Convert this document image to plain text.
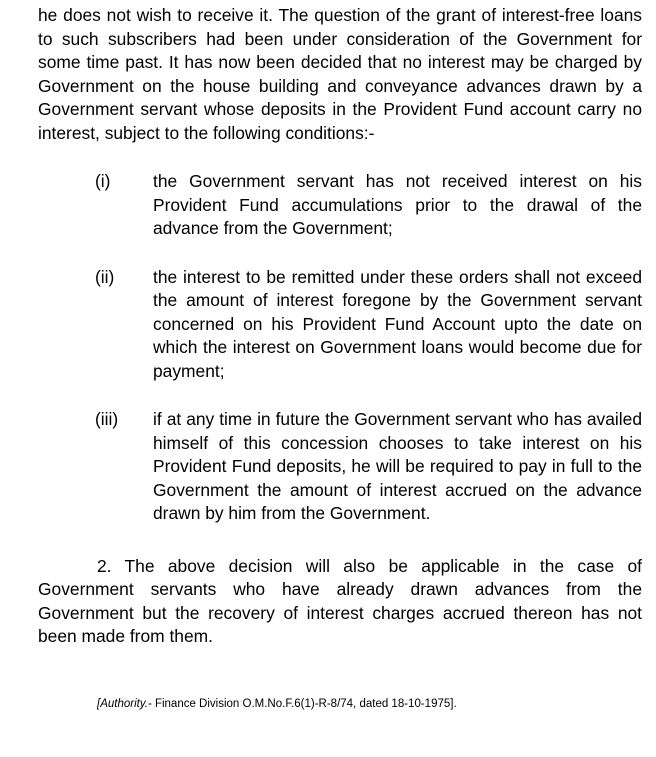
he does not wish to receive it. The question of the grant of interest-free loans to such subscribers had been under consideration of the Government for some time past. It has now been decided that no interest may be charged by Government on the house building and conveyance advances drawn by a Government servant whose deposits in the Provident Fund account carry no interest, subject to the following conditions:-

(i)	the Government servant has not received interest on his Provident Fund accumulations prior to the drawal of the advance from the Government;
(ii)	the interest to be remitted under these orders shall not exceed the amount of interest foregone by the Government servant concerned on his Provident Fund Account upto the date on which the interest on Government loans would become due for payment;
(iii)	if at any time in future the Government servant who has availed himself of this concession chooses to take interest on his Provident Fund deposits, he will be required to pay in full to the Government the amount of interest accrued on the advance drawn by him from the Government.

2. The above decision will also be applicable in the case of Government servants who have already drawn advances from the Government but the recovery of interest charges accrued thereon has not been made from them.

[Authority.- Finance Division O.M.No.F.6(1)-R-8/74, dated 18-10-1975].
